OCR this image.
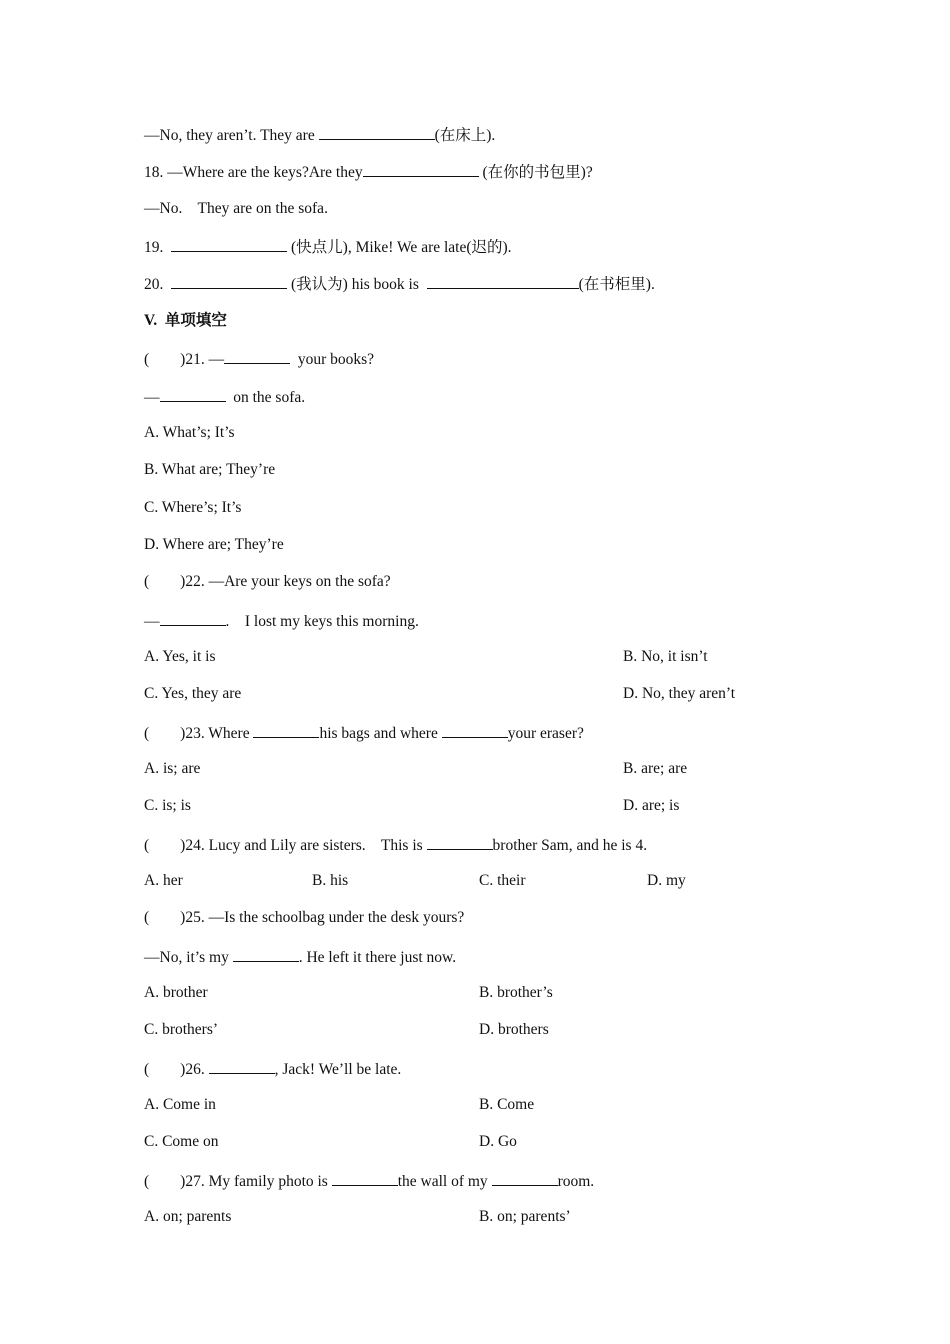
—No, they aren’t. They are	(在床上).
18. —Where are the keys?Are they	(在你的书包里)?
—No.    They are on the sofa.
19.	(快点儿), Mike! We are late(迟的).
20.	(我认为) his book is	(在书柜里).
V.  单项填空
(        )21. —	your books?
—	on the sofa.
A. What’s; It’s
B. What are; They’re
C. Where’s; It’s
D. Where are; They’re
(        )22. —Are your keys on the sofa?
—	.    I lost my keys this morning.
A. Yes, it is	B. No, it isn’t
C. Yes, they are	D. No, they aren’t
(        )23. Where	his bags and where	your eraser?
A. is; are	B. are; are
C. is; is	D. are; is
(        )24. Lucy and Lily are sisters.    This is	brother Sam, and he is 4.
A. her	B. his	C. their	D. my
(        )25. —Is the schoolbag under the desk yours?
—No, it’s my	. He left it there just now.
A. brother	B. brother’s
C. brothers’	D. brothers
(        )26.	, Jack! We’ll be late.
A. Come in	B. Come
C. Come on	D. Go
(        )27. My family photo is	the wall of my	room.
A. on; parents	B. on; parents’
